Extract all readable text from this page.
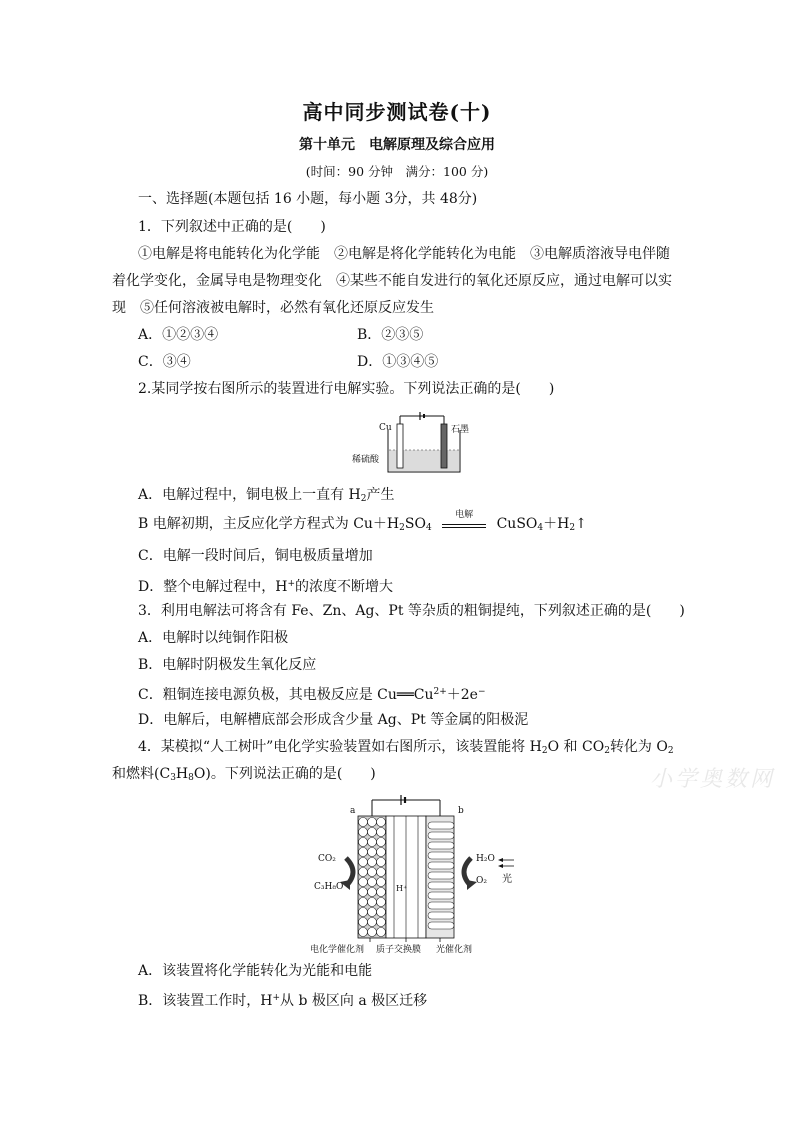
高中同步测试卷(十)
第十单元　电解原理及综合应用
(时间：90 分钟　满分：100 分)
一、选择题(本题包括 16 小题，每小题 3分，共 48分)
1．下列叙述中正确的是(　　)
①电解是将电能转化为化学能　②电解是将化学能转化为电能　③电解质溶液导电伴随
着化学变化，金属导电是物理变化　④某些不能自发进行的氧化还原反应，通过电解可以实
现　⑤任何溶液被电解时，必然有氧化还原反应发生
A．①②③④	B．②③⑤
C．③④	D．①③④⑤
2.某同学按右图所示的装置进行电解实验。下列说法正确的是(　　)
Cu	石墨
稀硫酸
A．电解过程中，铜电极上一直有 $H_2$产生
B 电解初期，主反应化学方程式为 $Cu+H_2SO_4$
电解
$CuSO_4+H_2↑$
C．电解一段时间后，铜电极质量增加
D．整个电解过程中，H+的浓度不断增大
3．利用电解法可将含有 Fe、Zn、Ag、Pt 等杂质的粗铜提纯，下列叙述正确的是(　　)
A．电解时以纯铜作阳极
B．电解时阴极发生氧化反应
C．粗铜连接电源负极，其电极反应是 $Cu══Cu^{2+}+2e^-$
D．电解后，电解槽底部会形成含少量 Ag、Pt 等金属的阳极泥
4．某模拟“人工树叶”电化学实验装置如右图所示，该装置能将 $H_2O$ 和 $CO_2$转化为 $O_2$
和燃料$(C_3H_8O)$。下列说法正确的是(　　)	小学奥数网
a	b
CO₂
C₃H₈O
H₂O
O₂ 光
H⁺
电化学催化剂 质子交换膜 光催化剂
A．该装置将化学能转化为光能和电能
B．该装置工作时，H+从 b 极区向 a 极区迁移
